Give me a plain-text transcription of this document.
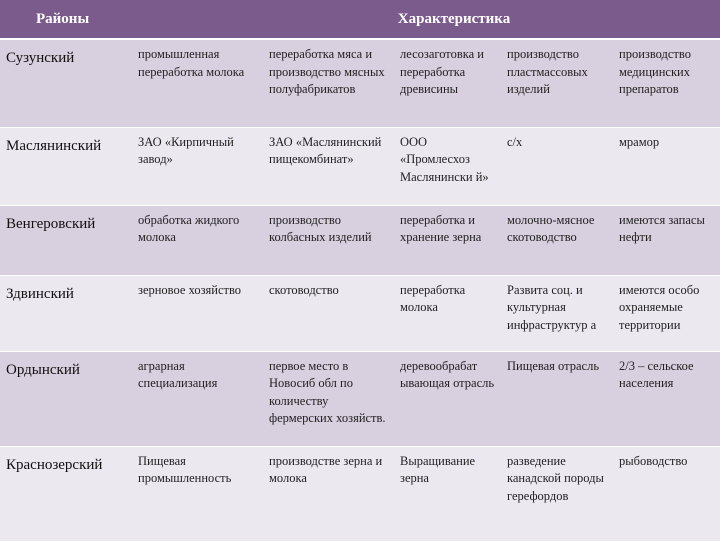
Районы	Характеристика				
Сузунский	промышленная переработка молока	переработка мяса и производство мясных полуфабрикатов	лесозаготовка и переработка древисины	производство пластмассовых изделий	производство медицинских препаратов
Маслянинский	ЗАО «Кирпичный завод»	ЗАО «Маслянинский пищекомбинат»	ООО «Промлесхоз Маслянински й»	с/х	мрамор
Венгеровский	обработка жидкого молока	производство колбасных изделий	переработка и хранение зерна	молочно-мясное скотоводство	имеются запасы нефти
Здвинский	зерновое хозяйство	скотоводство	переработка молока	Развита соц. и культурная инфраструктур а	имеются особо охраняемые территории
Ордынский	аграрная специализация	первое место в Новосиб обл по количеству фермерских хозяйств.	деревообрабат ывающая отрасль	Пищевая отрасль	2/3 – сельское населения
Краснозерский	Пищевая промышленность	производстве зерна и молока	Выращивание зерна	разведение канадской породы герефордов	рыбоводство
